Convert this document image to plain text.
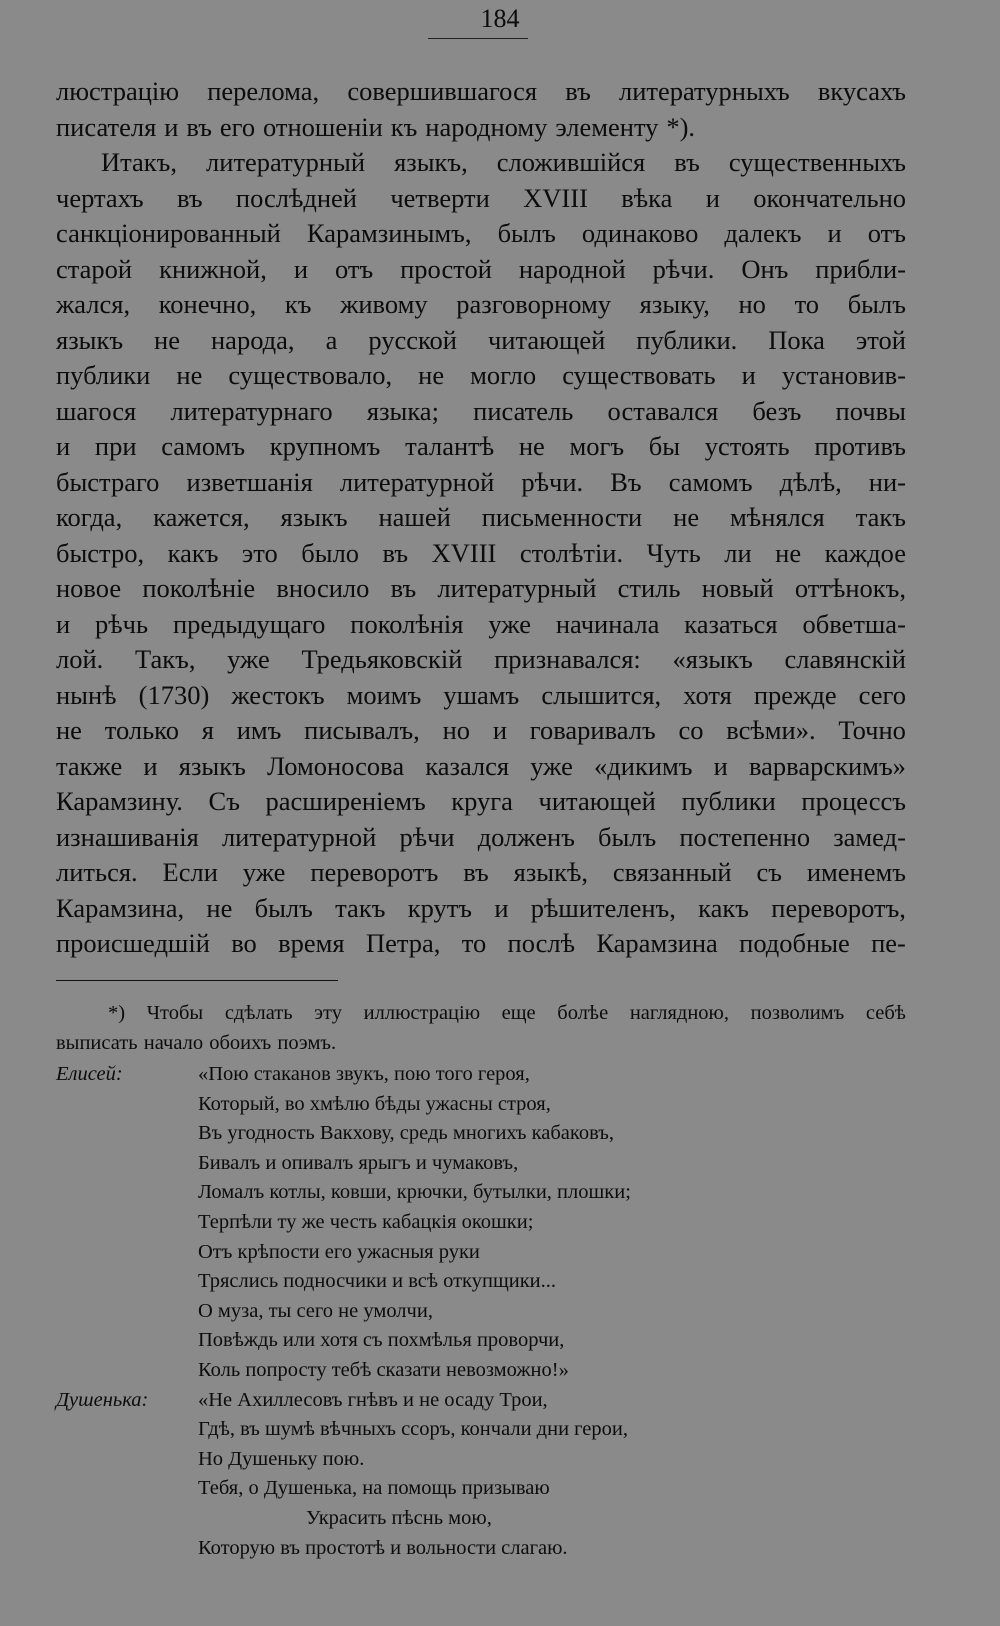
184
люстрацію перелома, совершившагося въ литературныхъ вкусахъ
писателя и въ его отношеніи къ народному элементу *).
Итакъ, литературный языкъ, сложившійся въ существенныхъ
чертахъ въ послѣдней четверти XVIII вѣка и окончательно
санкціонированный Карамзинымъ, былъ одинаково далекъ и отъ
старой книжной, и отъ простой народной рѣчи. Онъ прибли-
жался, конечно, къ живому разговорному языку, но то былъ
языкъ не народа, а русской читающей публики. Пока этой
публики не существовало, не могло существовать и установив-
шагося литературнаго языка; писатель оставался безъ почвы
и при самомъ крупномъ талантѣ не могъ бы устоять противъ
быстраго изветшанія литературной рѣчи. Въ самомъ дѣлѣ, ни-
когда, кажется, языкъ нашей письменности не мѣнялся такъ
быстро, какъ это было въ XVIII столѣтіи. Чуть ли не каждое
новое поколѣніе вносило въ литературный стиль новый оттѣнокъ,
и рѣчь предыдущаго поколѣнія уже начинала казаться обветша-
лой. Такъ, уже Тредьяковскій признавался: «языкъ славянскій
нынѣ (1730) жестокъ моимъ ушамъ слышится, хотя прежде сего
не только я имъ писывалъ, но и говаривалъ со всѣми». Точно
также и языкъ Ломоносова казался уже «дикимъ и варварскимъ»
Карамзину. Съ расширеніемъ круга читающей публики процессъ
изнашиванія литературной рѣчи долженъ былъ постепенно замед-
литься. Если уже переворотъ въ языкѣ, связанный съ именемъ
Карамзина, не былъ такъ крутъ и рѣшителенъ, какъ переворотъ,
происшедшій во время Петра, то послѣ Карамзина подобные пе-
*) Чтобы сдѣлать эту иллюстрацію еще болѣе наглядною, позволимъ себѣ
выписать начало обоихъ поэмъ.
Елисей:	«Пою стаканов звукъ, пою того героя,
Который, во хмѣлю бѣды ужасны строя,
Въ угодность Вакхову, средь многихъ кабаковъ,
Бивалъ и опивалъ ярыгъ и чумаковъ,
Ломалъ котлы, ковши, крючки, бутылки, плошки;
Терпѣли ту же честь кабацкія окошки;
Отъ крѣпости его ужасныя руки
Тряслись подносчики и всѣ откупщики...
О муза, ты сего не умолчи,
Повѣждь или хотя съ похмѣлья проворчи,
Коль попросту тебѣ сказати невозможно!»
Душенька: «Не Ахиллесовъ гнѣвъ и не осаду Трои,
Гдѣ, въ шумѣ вѣчныхъ ссоръ, кончали дни герои,
Но Душеньку пою.
Тебя, о Душенька, на помощь призываю
Украсить пѣснь мою,
Которую въ простотѣ и вольности слагаю.
